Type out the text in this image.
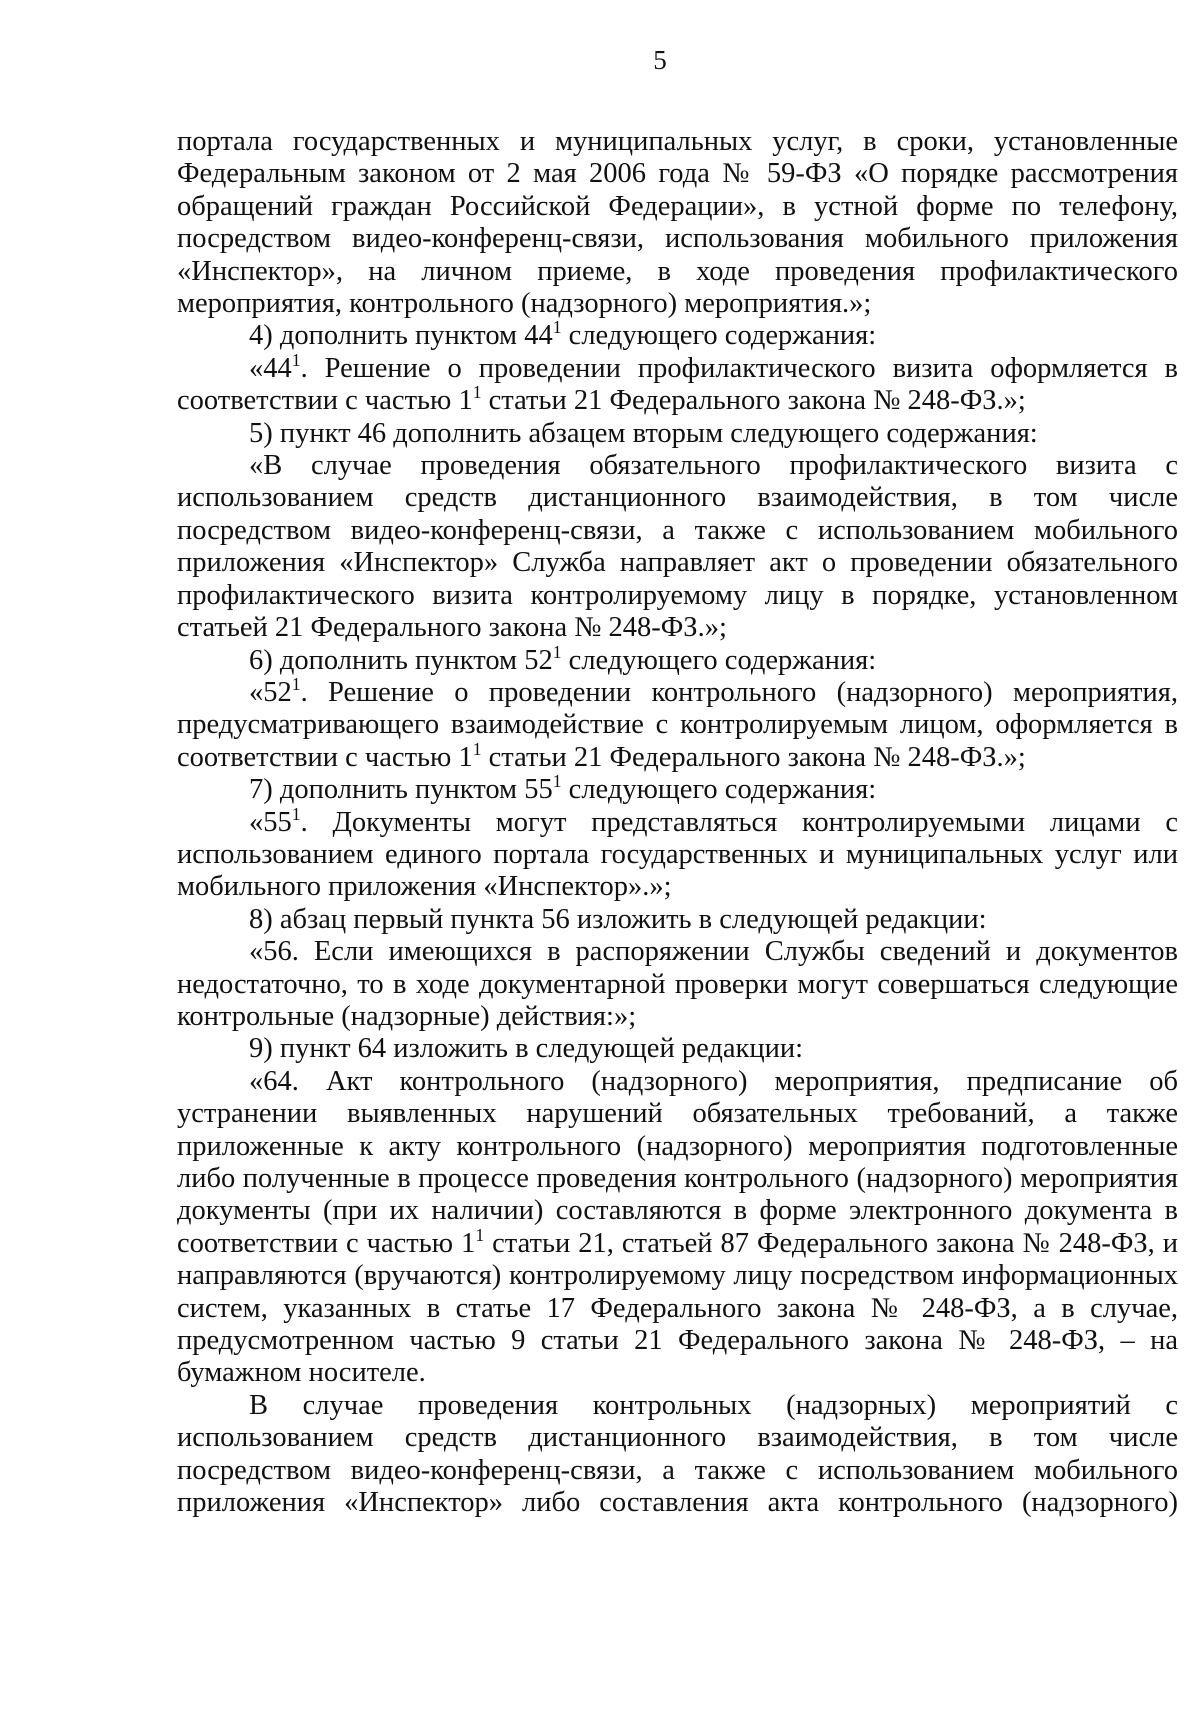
5

портала государственных и муниципальных услуг, в сроки, установленные Федеральным законом от 2 мая 2006 года № 59-ФЗ «О порядке рассмотрения обращений граждан Российской Федерации», в устной форме по телефону, посредством видео-конференц-связи, использования мобильного приложения «Инспектор», на личном приеме, в ходе проведения профилактического мероприятия, контрольного (надзорного) мероприятия.»;

4) дополнить пунктом $44^1$ следующего содержания:

«$44^1$. Решение о проведении профилактического визита оформляется в соответствии с частью $1^1$ статьи 21 Федерального закона № 248-ФЗ.»;

5) пункт 46 дополнить абзацем вторым следующего содержания:

«В случае проведения обязательного профилактического визита с использованием средств дистанционного взаимодействия, в том числе посредством видео-конференц-связи, а также с использованием мобильного приложения «Инспектор» Служба направляет акт о проведении обязательного профилактического визита контролируемому лицу в порядке, установленном статьей 21 Федерального закона № 248-ФЗ.»;

6) дополнить пунктом $52^1$ следующего содержания:

«$52^1$. Решение о проведении контрольного (надзорного) мероприятия, предусматривающего взаимодействие с контролируемым лицом, оформляется в соответствии с частью $1^1$ статьи 21 Федерального закона № 248-ФЗ.»;

7) дополнить пунктом $55^1$ следующего содержания:

«$55^1$. Документы могут представляться контролируемыми лицами с использованием единого портала государственных и муниципальных услуг или мобильного приложения «Инспектор».»;

8) абзац первый пункта 56 изложить в следующей редакции:

«56. Если имеющихся в распоряжении Службы сведений и документов недостаточно, то в ходе документарной проверки могут совершаться следующие контрольные (надзорные) действия:»;

9) пункт 64 изложить в следующей редакции:

«64. Акт контрольного (надзорного) мероприятия, предписание об устранении выявленных нарушений обязательных требований, а также приложенные к акту контрольного (надзорного) мероприятия подготовленные либо полученные в процессе проведения контрольного (надзорного) мероприятия документы (при их наличии) составляются в форме электронного документа в соответствии с частью $1^1$ статьи 21, статьей 87 Федерального закона № 248-ФЗ, и направляются (вручаются) контролируемому лицу посредством информационных систем, указанных в статье 17 Федерального закона № 248-ФЗ, а в случае, предусмотренном частью 9 статьи 21 Федерального закона № 248-ФЗ, – на бумажном носителе.

В случае проведения контрольных (надзорных) мероприятий с использованием средств дистанционного взаимодействия, в том числе посредством видео-конференц-связи, а также с использованием мобильного приложения «Инспектор» либо составления акта контрольного (надзорного)
